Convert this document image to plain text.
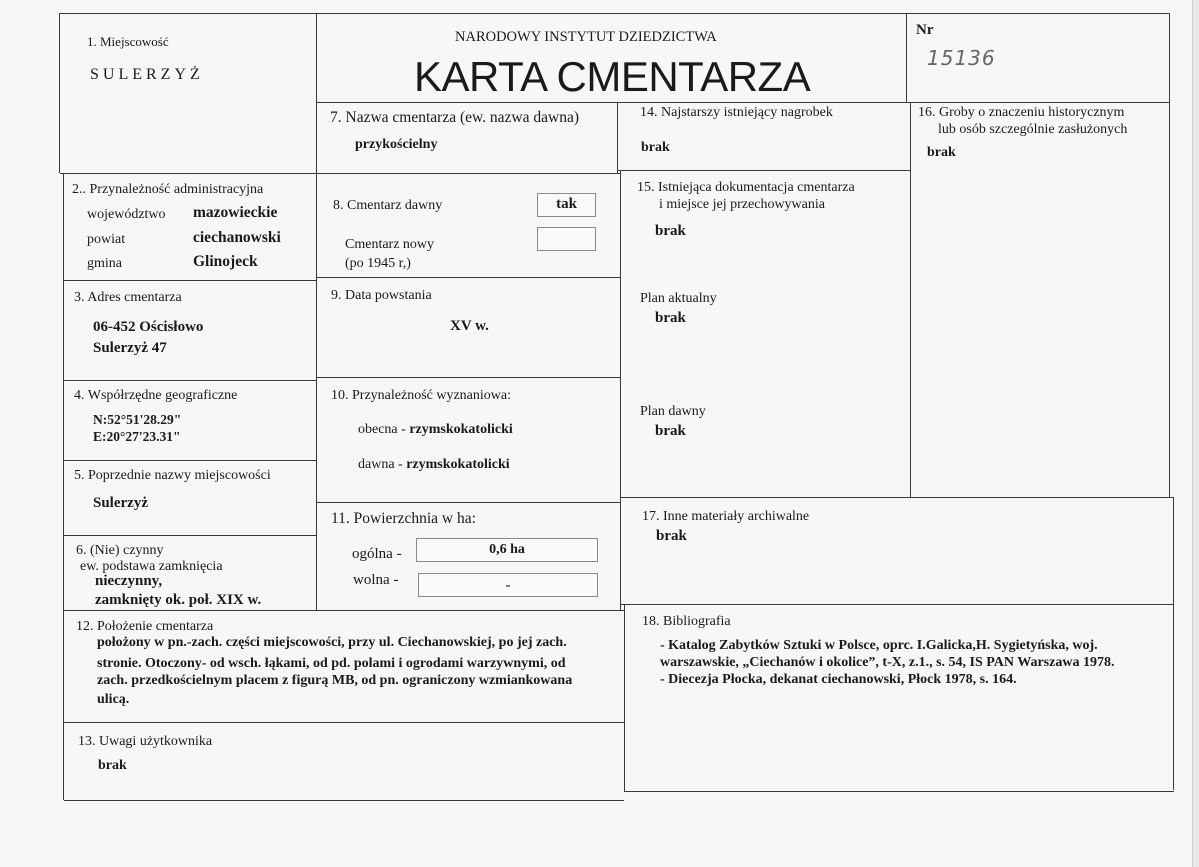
NARODOWY INSTYTUT DZIEDZICTWA
KARTA CMENTARZA
Nr
15136
1. Miejscowość
SULERZYŻ
7. Nazwa cmentarza (ew. nazwa dawna)
przykościelny
14. Najstarszy istniejący nagrobek
brak
16. Groby o znaczeniu historycznym
lub osób szczególnie zasłużonych
brak
2.. Przynależność administracyjna
województwo mazowieckie
powiat	ciechanowski
gmina	Glinojeck
8. Cmentarz dawny	tak
Cmentarz nowy
(po 1945 r,)
15. Istniejąca dokumentacja cmentarza
i miejsce jej przechowywania
brak
Plan aktualny
brak
Plan dawny
brak
3. Adres cmentarza
06-452 Ościsłowo
Sulerzyż 47
9. Data powstania
XV w.
4. Współrzędne geograficzne
N:52°51'28.29"
E:20°27'23.31"
10. Przynależność wyznaniowa:
obecna - rzymskokatolicki
dawna - rzymskokatolicki
5. Poprzednie nazwy miejscowości
Sulerzyż
11. Powierzchnia w ha:
ogólna -	0,6 ha
wolna -	-
17. Inne materiały archiwalne
brak
6. (Nie) czynny
ew. podstawa zamknięcia
nieczynny,
zamknięty ok. poł. XIX w.
12. Położenie cmentarza
położony w pn.-zach. części miejscowości, przy ul. Ciechanowskiej, po jej zach.
stronie. Otoczony- od wsch. łąkami, od pd. polami i ogrodami warzywnymi, od
zach. przedkościelnym placem z figurą MB, od pn. ograniczony wzmiankowana
ulicą.
18. Bibliografia
- Katalog Zabytków Sztuki w Polsce, oprc. I.Galicka,H. Sygietyńska, woj.
warszawskie, „Ciechanów i okolice”, t-X, z.1., s. 54, IS PAN Warszawa 1978.
- Diecezja Płocka, dekanat ciechanowski, Płock 1978, s. 164.
13. Uwagi użytkownika
brak
